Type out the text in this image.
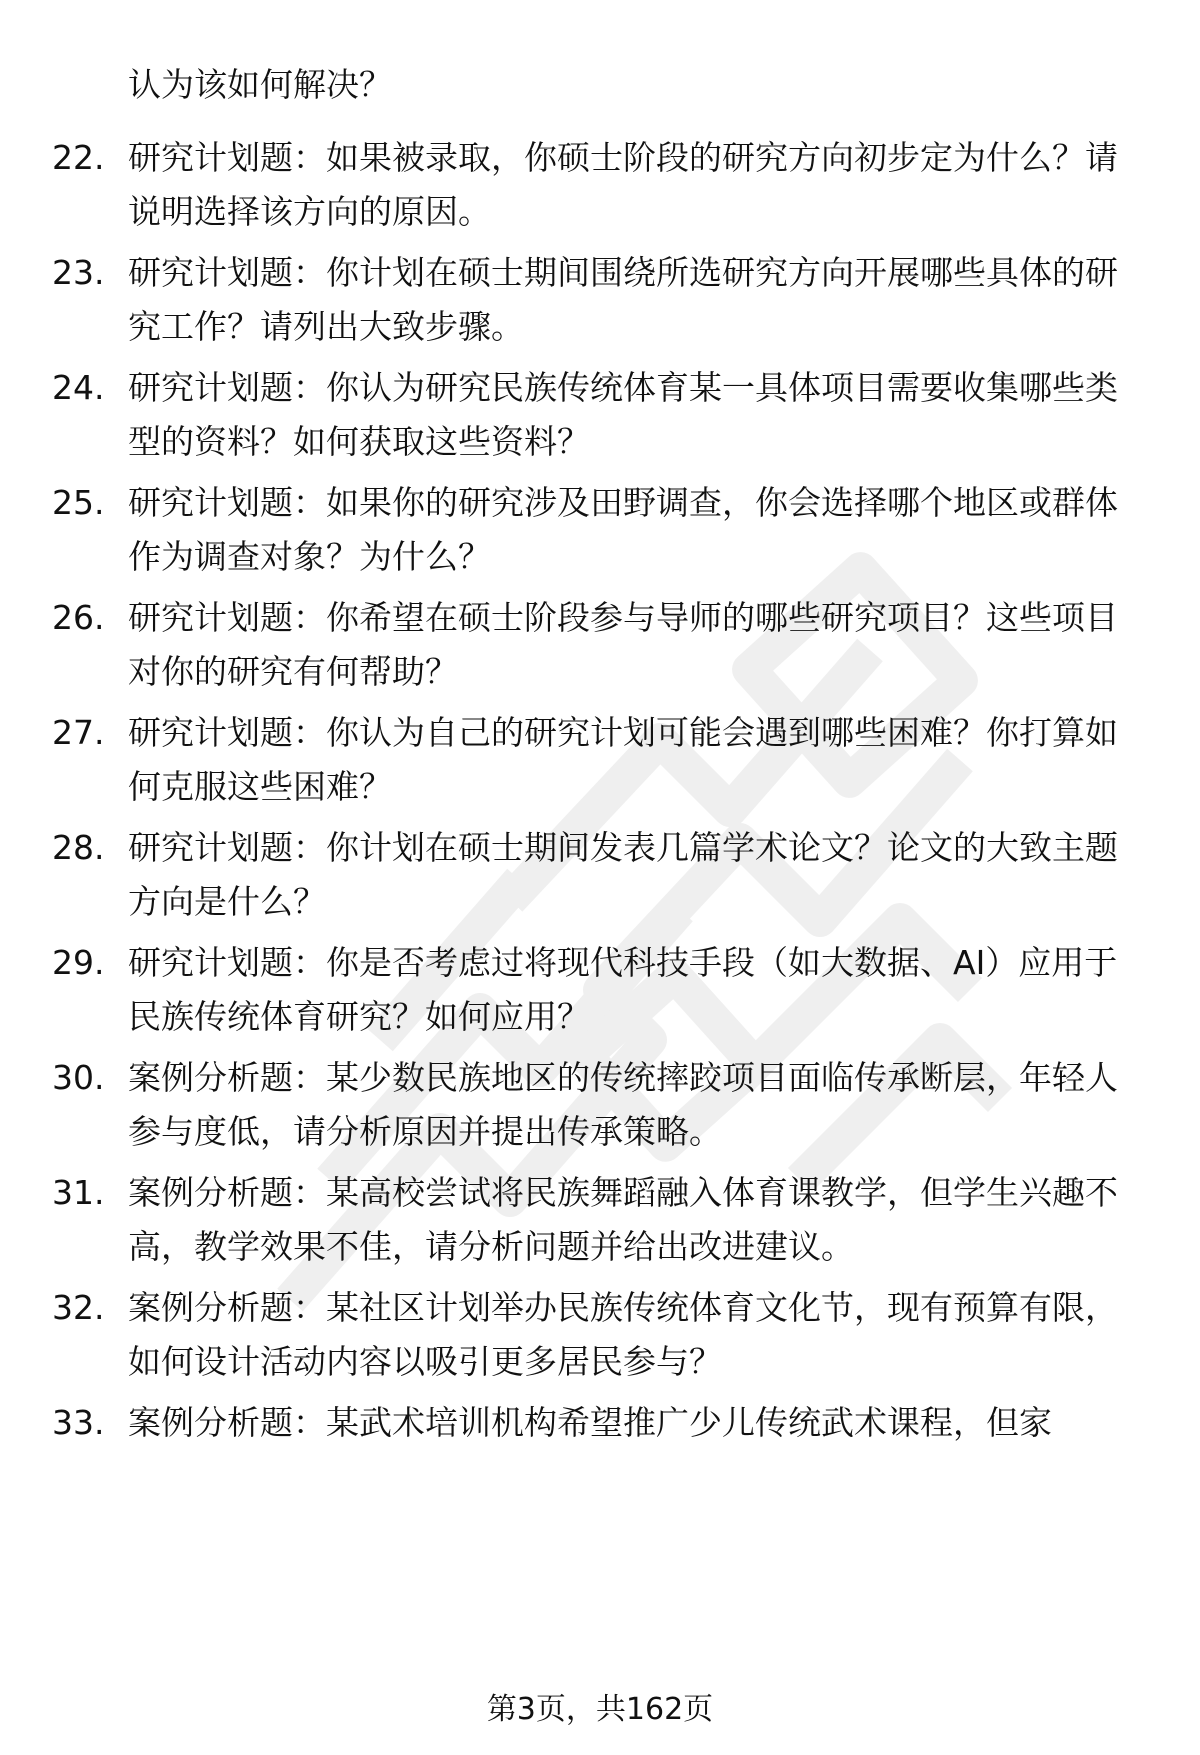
认为该如何解决？
22. 研究计划题：如果被录取，你硕士阶段的研究方向初步定为什么？请说明选择该方向的原因。
23. 研究计划题：你计划在硕士期间围绕所选研究方向开展哪些具体的研究工作？请列出大致步骤。
24. 研究计划题：你认为研究民族传统体育某一具体项目需要收集哪些类型的资料？如何获取这些资料？
25. 研究计划题：如果你的研究涉及田野调查，你会选择哪个地区或群体作为调查对象？为什么？
26. 研究计划题：你希望在硕士阶段参与导师的哪些研究项目？这些项目对你的研究有何帮助？
27. 研究计划题：你认为自己的研究计划可能会遇到哪些困难？你打算如何克服这些困难？
28. 研究计划题：你计划在硕士期间发表几篇学术论文？论文的大致主题方向是什么？
29. 研究计划题：你是否考虑过将现代科技手段（如大数据、AI）应用于民族传统体育研究？如何应用？
30. 案例分析题：某少数民族地区的传统摔跤项目面临传承断层，年轻人参与度低，请分析原因并提出传承策略。
31. 案例分析题：某高校尝试将民族舞蹈融入体育课教学，但学生兴趣不高，教学效果不佳，请分析问题并给出改进建议。
32. 案例分析题：某社区计划举办民族传统体育文化节，现有预算有限，如何设计活动内容以吸引更多居民参与？
33. 案例分析题：某武术培训机构希望推广少儿传统武术课程，但家
第3页，共162页
